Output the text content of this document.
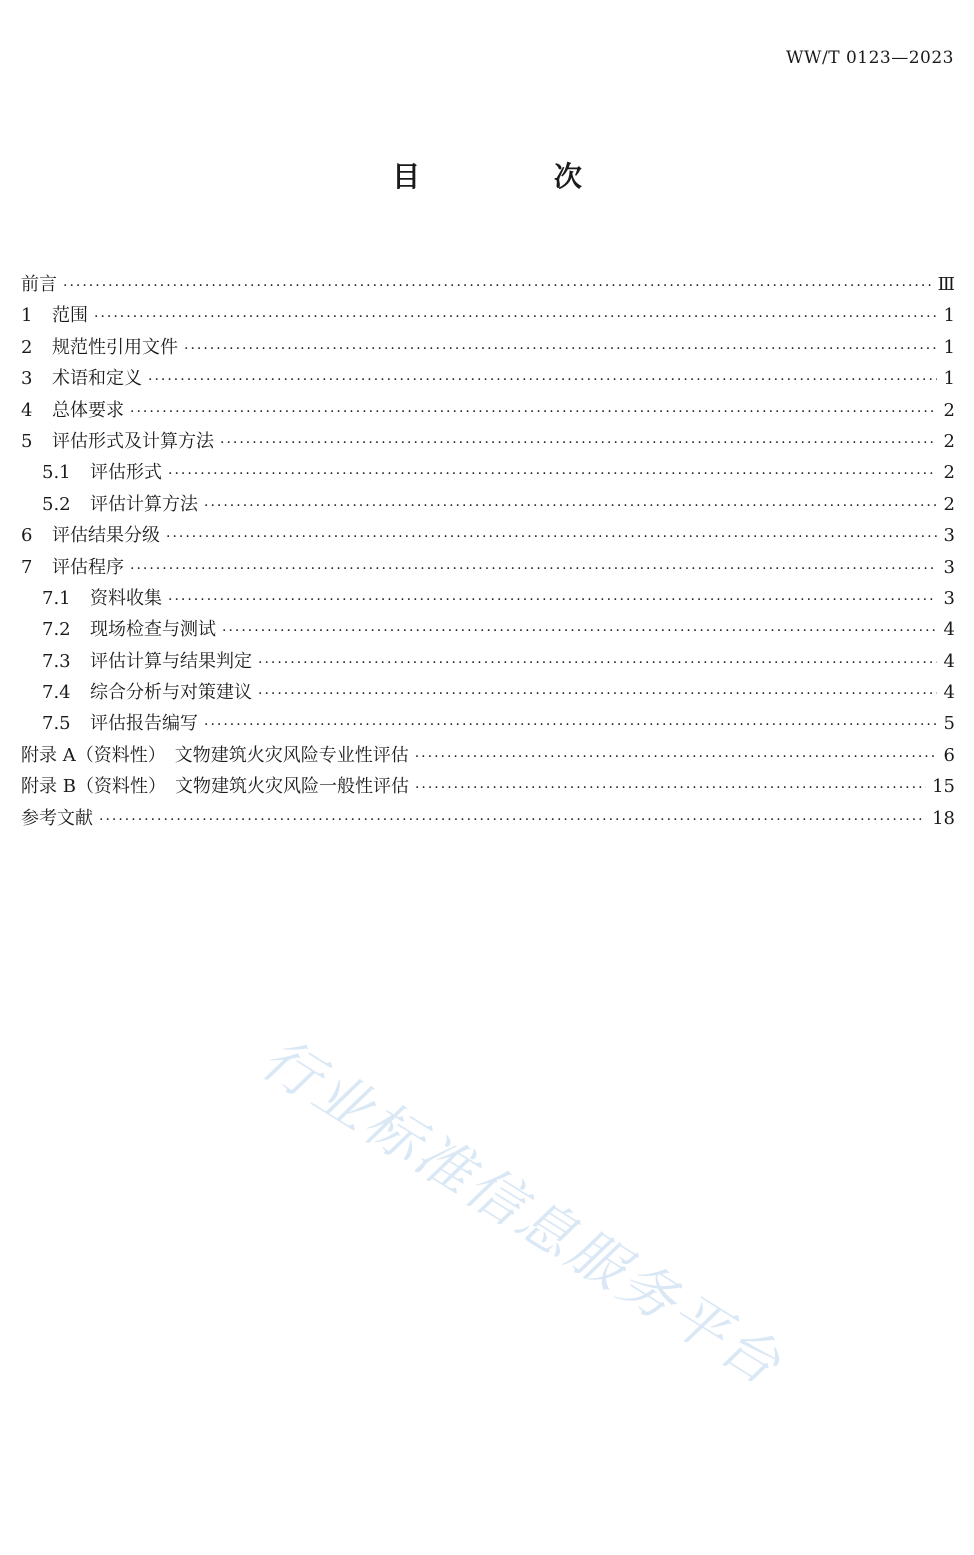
WW/T 0123—2023
目 次
前言 ·····	Ⅲ
1	范围 ·····	1
2	规范性引用文件 ·····	1
3	术语和定义 ·····	1
4	总体要求 ·····	2
5	评估形式及计算方法 ·····	2
5.1	评估形式 ·····	2
5.2	评估计算方法 ·····	2
6	评估结果分级 ·····	3
7	评估程序 ·····	3
7.1	资料收集 ·····	3
7.2	现场检查与测试 ·····	4
7.3	评估计算与结果判定 ·····	4
7.4	综合分析与对策建议 ·····	4
7.5	评估报告编写 ·····	5
附录 A（资料性）　文物建筑火灾风险专业性评估 ·····	6
附录 B（资料性）　文物建筑火灾风险一般性评估 ·····	15
参考文献 ·····	18
行业标准信息服务平台
